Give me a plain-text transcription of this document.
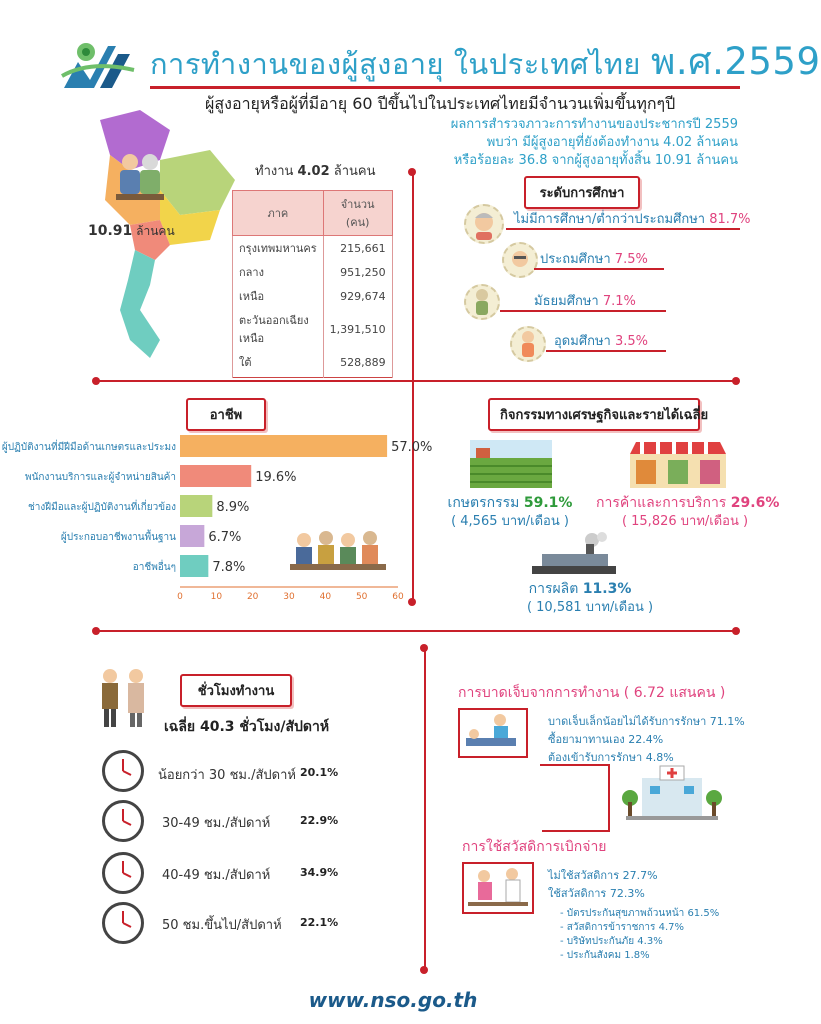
การทำงานของผู้สูงอายุ ในประเทศไทย พ.ศ.2559
ผู้สูงอายุหรือผู้ที่มีอายุ 60 ปีขึ้นไปในประเทศไทยมีจำนวนเพิ่มขึ้นทุกๆปี
ผลการสำรวจภาวะการทำงานของประชากรปี 2559
พบว่า มีผู้สูงอายุที่ยังต้องทำงาน 4.02 ล้านคน
หรือร้อยละ 36.8 จากผู้สูงอายุทั้งสิ้น 10.91 ล้านคน
10.91 ล้านคน
ทำงาน 4.02 ล้านคน
ภาค	จำนวน (คน)
กรุงเทพมหานคร	215,661
กลาง	951,250
เหนือ	929,674
ตะวันออกเฉียงเหนือ	1,391,510
ใต้	528,889
ระดับการศึกษา
ไม่มีการศึกษา/ต่ำกว่าประถมศึกษา 81.7%
ประถมศึกษา 7.5%
มัธยมศึกษา 7.1%
อุดมศึกษา 3.5%
อาชีพ
ผู้ปฏิบัติงานที่มีฝีมือด้านเกษตรและประมง	57.0%
พนักงานบริการและผู้จำหน่ายสินค้า	19.6%
ช่างฝีมือและผู้ปฏิบัติงานที่เกี่ยวข้อง	8.9%
ผู้ประกอบอาชีพงานพื้นฐาน 6.7%
อาชีพอื่นๆ	7.8%
0	10	20	30	40	50	60
กิจกรรมทางเศรษฐกิจและรายได้เฉลี่ย
เกษตรกรรม 59.1%
( 4,565 บาท/เดือน )
การค้าและการบริการ 29.6%
( 15,826 บาท/เดือน )
การผลิต 11.3%
( 10,581 บาท/เดือน )
ชั่วโมงทำงาน
เฉลี่ย 40.3 ชั่วโมง/สัปดาห์
น้อยกว่า 30 ชม./สัปดาห์ 20.1%
30-49 ชม./สัปดาห์	22.9%
40-49 ชม./สัปดาห์	34.9%
50 ชม.ขึ้นไป/สัปดาห์ 22.1%
การบาดเจ็บจากการทำงาน ( 6.72 แสนคน )
บาดเจ็บเล็กน้อยไม่ได้รับการรักษา 71.1%
ซื้อยามาทานเอง 22.4%
ต้องเข้ารับการรักษา 4.8%
การใช้สวัสดิการเบิกจ่าย
ไม่ใช้สวัสดิการ 27.7%
ใช้สวัสดิการ 72.3%
- บัตรประกันสุขภาพถ้วนหน้า 61.5%
- สวัสดิการข้าราชการ 4.7%
- บริษัทประกันภัย 4.3%
- ประกันสังคม 1.8%
www.nso.go.th
